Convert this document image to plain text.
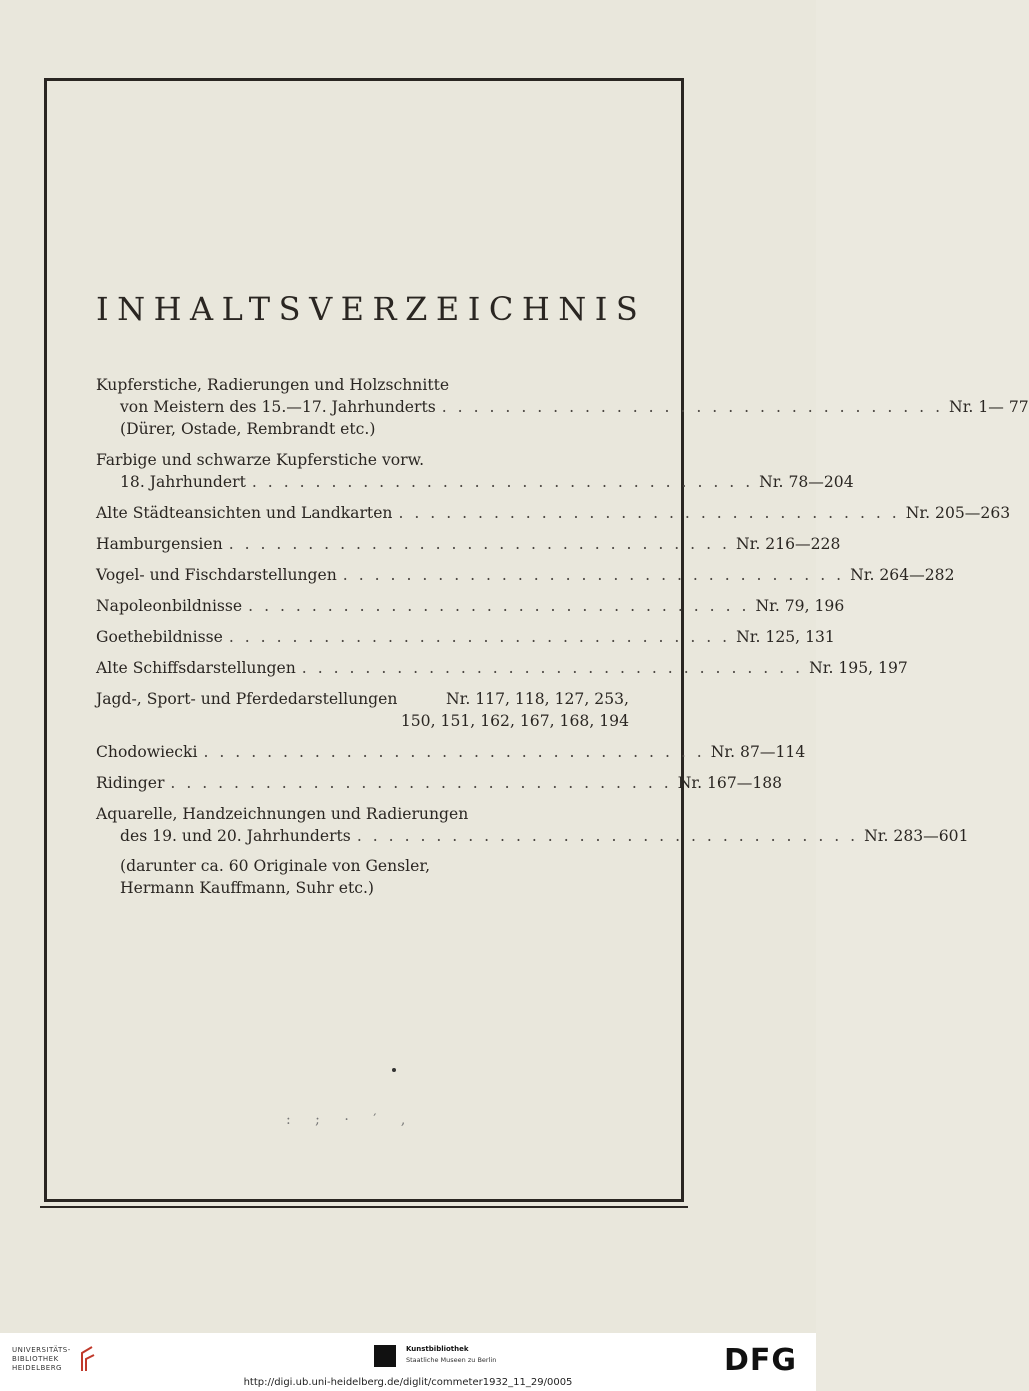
INHALTSVERZEICHNIS
Kupferstiche, Radierungen und Holzschnitte
von Meistern des 15.—17. Jahrhunderts . . . . . . . . . . . . . . . . . . . . . . . . . . . . . . . . Nr. 1— 77
(Dürer, Ostade, Rembrandt etc.)
Farbige und schwarze Kupferstiche vorw.
18. Jahrhundert . . . . . . . . . . . . . . . . . . . . . . . . . . . . . . . . Nr. 78—204
Alte Städteansichten und Landkarten . . . . . . . . . . . . . . . . . . . . . . . . . . . . . . . . Nr. 205—263
Hamburgensien . . . . . . . . . . . . . . . . . . . . . . . . . . . . . . . . Nr. 216—228
Vogel- und Fischdarstellungen . . . . . . . . . . . . . . . . . . . . . . . . . . . . . . . . Nr. 264—282
Napoleonbildnisse . . . . . . . . . . . . . . . . . . . . . . . . . . . . . . . . Nr. 79, 196
Goethebildnisse . . . . . . . . . . . . . . . . . . . . . . . . . . . . . . . . Nr. 125, 131
Alte Schiffsdarstellungen . . . . . . . . . . . . . . . . . . . . . . . . . . . . . . . . Nr. 195, 197
Jagd-, Sport- und Pferdedarstellungen	Nr. 117, 118, 127, 253,
150, 151, 162, 167, 168, 194
Chodowiecki . . . . . . . . . . . . . . . . . . . . . . . . . . . . . . . . Nr. 87—114
Ridinger . . . . . . . . . . . . . . . . . . . . . . . . . . . . . . . . Nr. 167—188
Aquarelle, Handzeichnungen und Radierungen
des 19. und 20. Jahrhunderts . . . . . . . . . . . . . . . . . . . . . . . . . . . . . . . . Nr. 283—601
(darunter ca. 60 Originale von Gensler,
Hermann Kauffmann, Suhr etc.)
: ; · ′ ,
UNIVERSITÄTS-
BIBLIOTHEK
HEIDELBERG
Kunstbibliothek
Staatliche Museen zu Berlin	DFG
http://digi.ub.uni-heidelberg.de/diglit/commeter1932_11_29/0005
